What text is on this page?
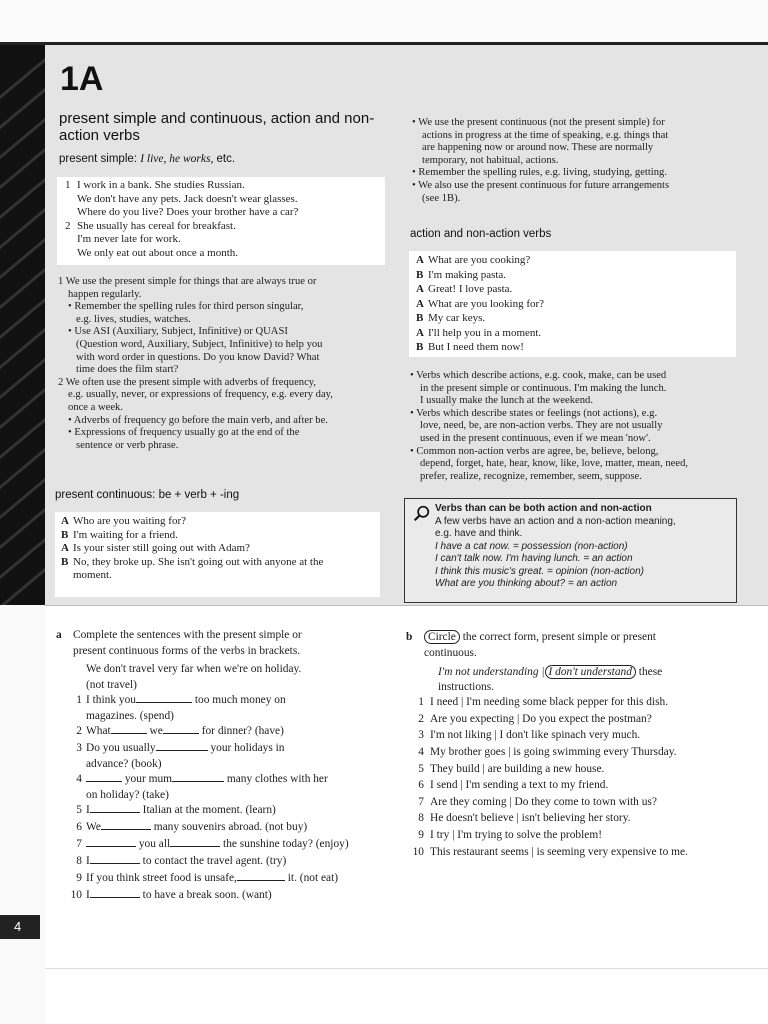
4
1A
present simple and continuous, action and non-action verbs
present simple: I live, he works, etc.
1 I work in a bank. She studies Russian.
We don't have any pets. Jack doesn't wear glasses.
Where do you live? Does your brother have a car?
2 She usually has cereal for breakfast.
I'm never late for work.
We only eat out about once a month.
1 We use the present simple for things that are always true or
happen regularly.
• Remember the spelling rules for third person singular,
e.g. lives, studies, watches.
• Use ASI (Auxiliary, Subject, Infinitive) or QUASI
(Question word, Auxiliary, Subject, Infinitive) to help you
with word order in questions. Do you know David? What
time does the film start?
2 We often use the present simple with adverbs of frequency,
e.g. usually, never, or expressions of frequency, e.g. every day,
once a week.
• Adverbs of frequency go before the main verb, and after be.
• Expressions of frequency usually go at the end of the
sentence or verb phrase.
present continuous: be + verb + -ing
A Who are you waiting for?
B I'm waiting for a friend.
A Is your sister still going out with Adam?
B No, they broke up. She isn't going out with anyone at the
moment.
• We use the present continuous (not the present simple) for
actions in progress at the time of speaking, e.g. things that
are happening now or around now. These are normally
temporary, not habitual, actions.
• Remember the spelling rules, e.g. living, studying, getting.
• We also use the present continuous for future arrangements
(see 1B).
action and non-action verbs
A What are you cooking?
B I'm making pasta.
A Great! I love pasta.
A What are you looking for?
B My car keys.
A I'll help you in a moment.
B But I need them now!
• Verbs which describe actions, e.g. cook, make, can be used
in the present simple or continuous. I'm making the lunch.
I usually make the lunch at the weekend.
• Verbs which describe states or feelings (not actions), e.g.
love, need, be, are non-action verbs. They are not usually
used in the present continuous, even if we mean 'now'.
• Common non-action verbs are agree, be, believe, belong,
depend, forget, hate, hear, know, like, love, matter, mean, need,
prefer, realize, recognize, remember, seem, suppose.
Verbs than can be both action and non-action
A few verbs have an action and a non-action meaning,
e.g. have and think.
I have a cat now. = possession (non-action)
I can't talk now. I'm having lunch. = an action
I think this music's great. = opinion (non-action)
What are you thinking about? = an action
a Complete the sentences with the present simple or
present continuous forms of the verbs in brackets.
We don't travel very far when we're on holiday.
(not travel)
1 I think you	too much money on
magazines. (spend)
2 What	we	for dinner? (have)
3 Do you usually	your holidays in
advance? (book)
4	your mum	many clothes with her
on holiday? (take)
5 I	Italian at the moment. (learn)
6 We	many souvenirs abroad. (not buy)
7	you all	the sunshine today? (enjoy)
8 I	to contact the travel agent. (try)
9 If you think street food is unsafe,	it. (not eat)
10 I	to have a break soon. (want)
b Circle the correct form, present simple or present
continuous.
I'm not understanding | I don't understand these
instructions.
1 I need | I'm needing some black pepper for this dish.
2 Are you expecting | Do you expect the postman?
3 I'm not liking | I don't like spinach very much.
4 My brother goes | is going swimming every Thursday.
5 They build | are building a new house.
6 I send | I'm sending a text to my friend.
7 Are they coming | Do they come to town with us?
8 He doesn't believe | isn't believing her story.
9 I try | I'm trying to solve the problem!
10 This restaurant seems | is seeming very expensive to me.
